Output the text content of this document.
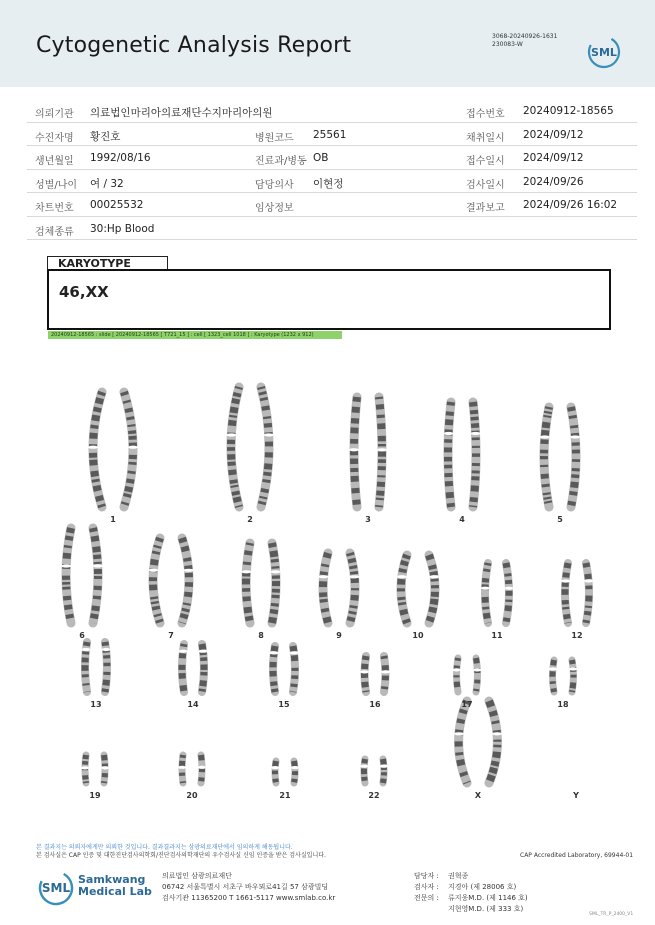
Cytogenetic Analysis Report	3068-20240926-1631
230083-W
SML
의뢰기관 의료법인마리아의료재단수지마리아의원	접수번호 20240912-18565
수진자명 황진호	병원코드 25561	채취일시 2024/09/12
생년월일 1992/08/16	진료과/병동 OB	접수일시 2024/09/12
성별/나이 여 / 32	담당의사 이현정	검사일시 2024/09/26
차트번호 00025532	임상정보	결과보고 2024/09/26 16:02
검체종류 30:Hp Blood
KARYOTYPE
46,XX
20240912-18565 : slide [ 20240912-18565 [ T721_15 ] : cell [ 1323_cell 1018 ] : Karyotype (1232 x 912)
1	2	3	4	5
6	7	8	9	10	11	12
13	14	15	16	17	18
19	20	21	22	X	Y
본 결과지는 의뢰자에게만 의뢰한 것입니다. 결과결과지는 삼광의료재단에서 임의하게 해동됩니다.
본 검사실은 CAP 인증 및 대한진단검사의학회/진단검사의학재단의 우수검사실 신임 인증을 받은 검사실입니다.	CAP Accredited Laboratory, 69944-01
SML
Samkwang
Medical Lab
의료법인 삼광의료재단
06742 서울특별시 서초구 바우뫼로41길 57 삼광빌딩
검사기관 11365200 T 1661-5117 www.smlab.co.kr
담당자 : 권혁종
검사자 : 지경아 (제 28006 호)
전문의 : 류지웅M.D. (제 1146 호)
지현영M.D. (제 333 호)
SML_TR_P_2400_V1
